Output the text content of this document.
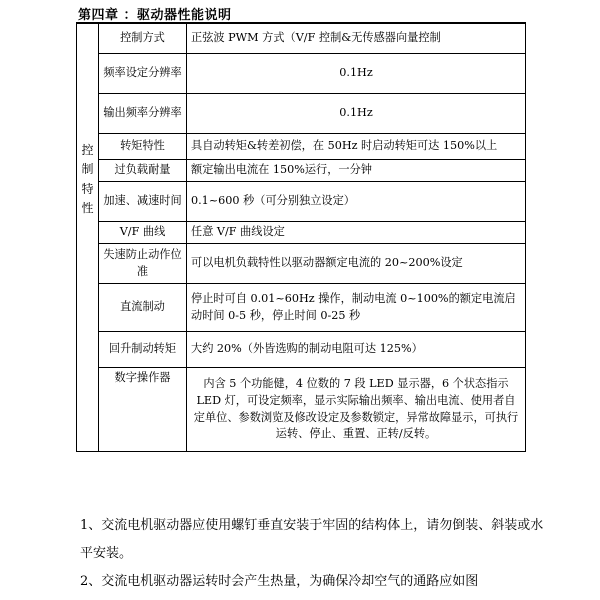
第四章 ：驱动器性能说明
控
制
特
性	控制方式	正弦波 PWM 方式（V/F 控制&无传感器向量控制
	频率设定分辨率	0.1Hz
	输出频率分辨率	0.1Hz
	转矩特性	具自动转矩&转差初偿，在 50Hz 时启动转矩可达 150%以上
	过负载耐量	额定输出电流在 150%运行，一分钟
	加速、减速时间	0.1~600 秒（可分别独立设定）
	V/F 曲线	任意 V/F 曲线设定
	失速防止动作位准	可以电机负载特性以驱动器额定电流的 20~200%设定
	直流制动	停止时可自 0.01~60Hz 操作，制动电流 0~100%的额定电流启动时间 0-5 秒，停止时间 0-25 秒
	回升制动转矩	大约 20%（外皆选购的制动电阻可达 125%）
	数字操作器	内含 5 个功能健，4 位数的 7 段 LED 显示器，6 个状态指示 LED 灯，可设定频率，显示实际输出频率、输出电流、使用者自定单位、参数浏览及修改设定及参数锁定，异常故障显示，可执行运转、停止、重置、正转/反转。

1、交流电机驱动器应使用螺钉垂直安装于牢固的结构体上，请勿倒装、斜装或水平安装。

2、交流电机驱动器运转时会产生热量，为确保冷却空气的通路应如图
